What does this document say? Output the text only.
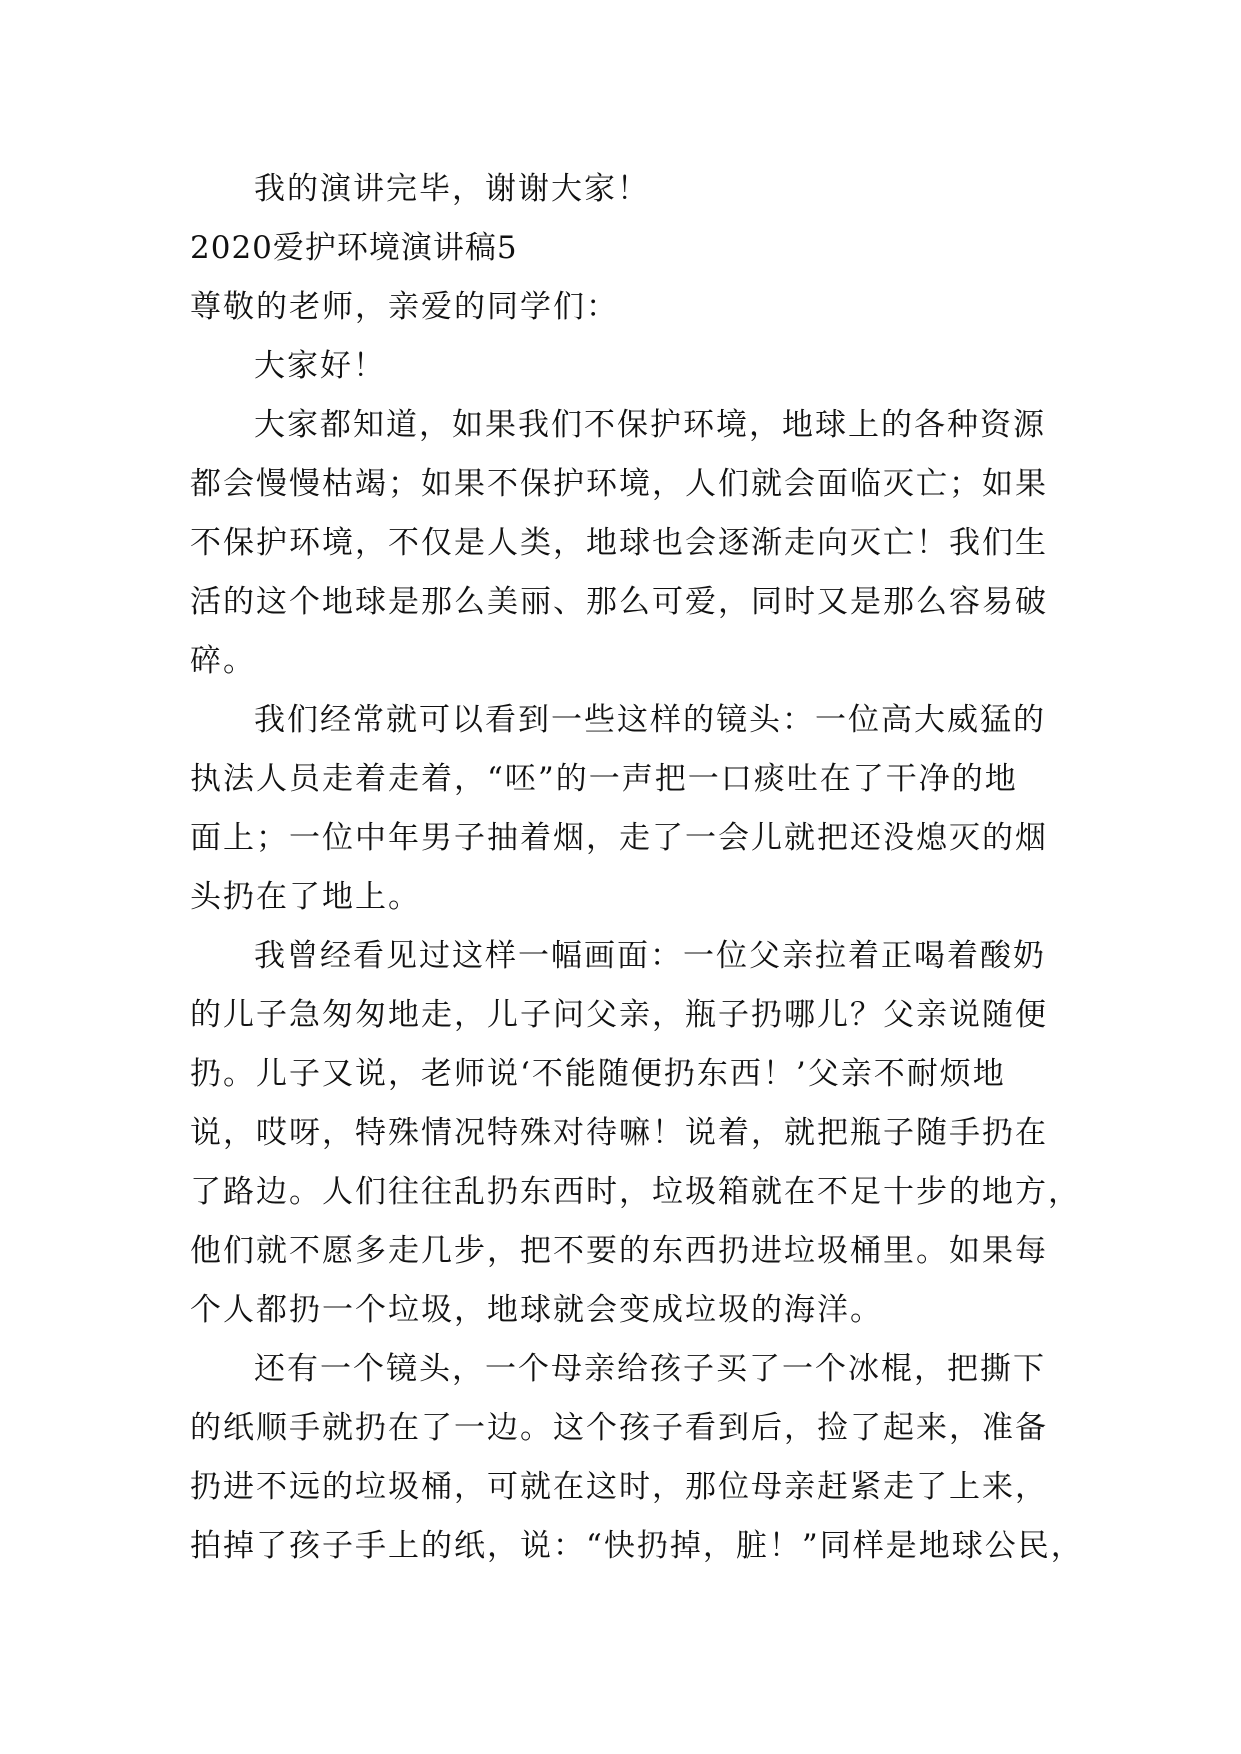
我的演讲完毕，谢谢大家！
2020爱护环境演讲稿5
尊敬的老师，亲爱的同学们：
大家好！
大家都知道，如果我们不保护环境，地球上的各种资源
都会慢慢枯竭；如果不保护环境，人们就会面临灭亡；如果
不保护环境，不仅是人类，地球也会逐渐走向灭亡！我们生
活的这个地球是那么美丽、那么可爱，同时又是那么容易破
碎。
我们经常就可以看到一些这样的镜头：一位高大威猛的
执法人员走着走着，“呸”的一声把一口痰吐在了干净的地
面上；一位中年男子抽着烟，走了一会儿就把还没熄灭的烟
头扔在了地上。
我曾经看见过这样一幅画面：一位父亲拉着正喝着酸奶
的儿子急匆匆地走，儿子问父亲，瓶子扔哪儿？父亲说随便
扔。儿子又说，老师说‘不能随便扔东西！’父亲不耐烦地
说，哎呀，特殊情况特殊对待嘛！说着，就把瓶子随手扔在
了路边。人们往往乱扔东西时，垃圾箱就在不足十步的地方，
他们就不愿多走几步，把不要的东西扔进垃圾桶里。如果每
个人都扔一个垃圾，地球就会变成垃圾的海洋。
还有一个镜头，一个母亲给孩子买了一个冰棍，把撕下
的纸顺手就扔在了一边。这个孩子看到后，捡了起来，准备
扔进不远的垃圾桶，可就在这时，那位母亲赶紧走了上来，
拍掉了孩子手上的纸，说：“快扔掉，脏！”同样是地球公民，
